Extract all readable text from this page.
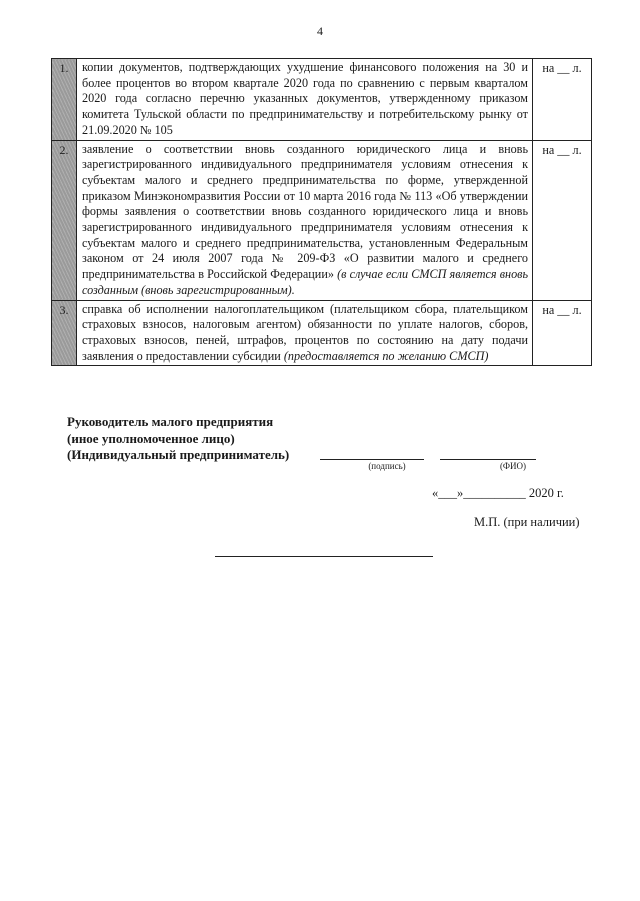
4
1.	копии документов, подтверждающих ухудшение финансового положения на 30 и более процентов во втором квартале 2020 года по сравнению с первым кварталом 2020 года согласно перечню указанных документов, утвержденному приказом комитета Тульской области по предпринимательству и потребительскому рынку от 21.09.2020 № 105	на __ л.
2.	заявление о соответствии вновь созданного юридического лица и вновь зарегистрированного индивидуального предпринимателя условиям отнесения к субъектам малого и среднего предпринимательства по форме, утвержденной приказом Минэкономразвития России от 10 марта 2016 года № 113 «Об утверждении формы заявления о соответствии вновь созданного юридического лица и вновь зарегистрированного индивидуального предпринимателя условиям отнесения к субъектам малого и среднего предпринимательства, установленным Федеральным законом от 24 июля 2007 года № 209-ФЗ «О развитии малого и среднего предпринимательства в Российской Федерации» (в случае если СМСП является вновь созданным (вновь зарегистрированным).	на __ л.
3.	справка об исполнении налогоплательщиком (плательщиком сбора, плательщиком страховых взносов, налоговым агентом) обязанности по уплате налогов, сборов, страховых взносов, пеней, штрафов, процентов по состоянию на дату подачи заявления о предоставлении субсидии (предоставляется по желанию СМСП)	на __ л.
Руководитель малого предприятия
(иное уполномоченное лицо)
(Индивидуальный предприниматель)
(подпись)	(ФИО)
«___»__________ 2020 г.
М.П. (при наличии)
